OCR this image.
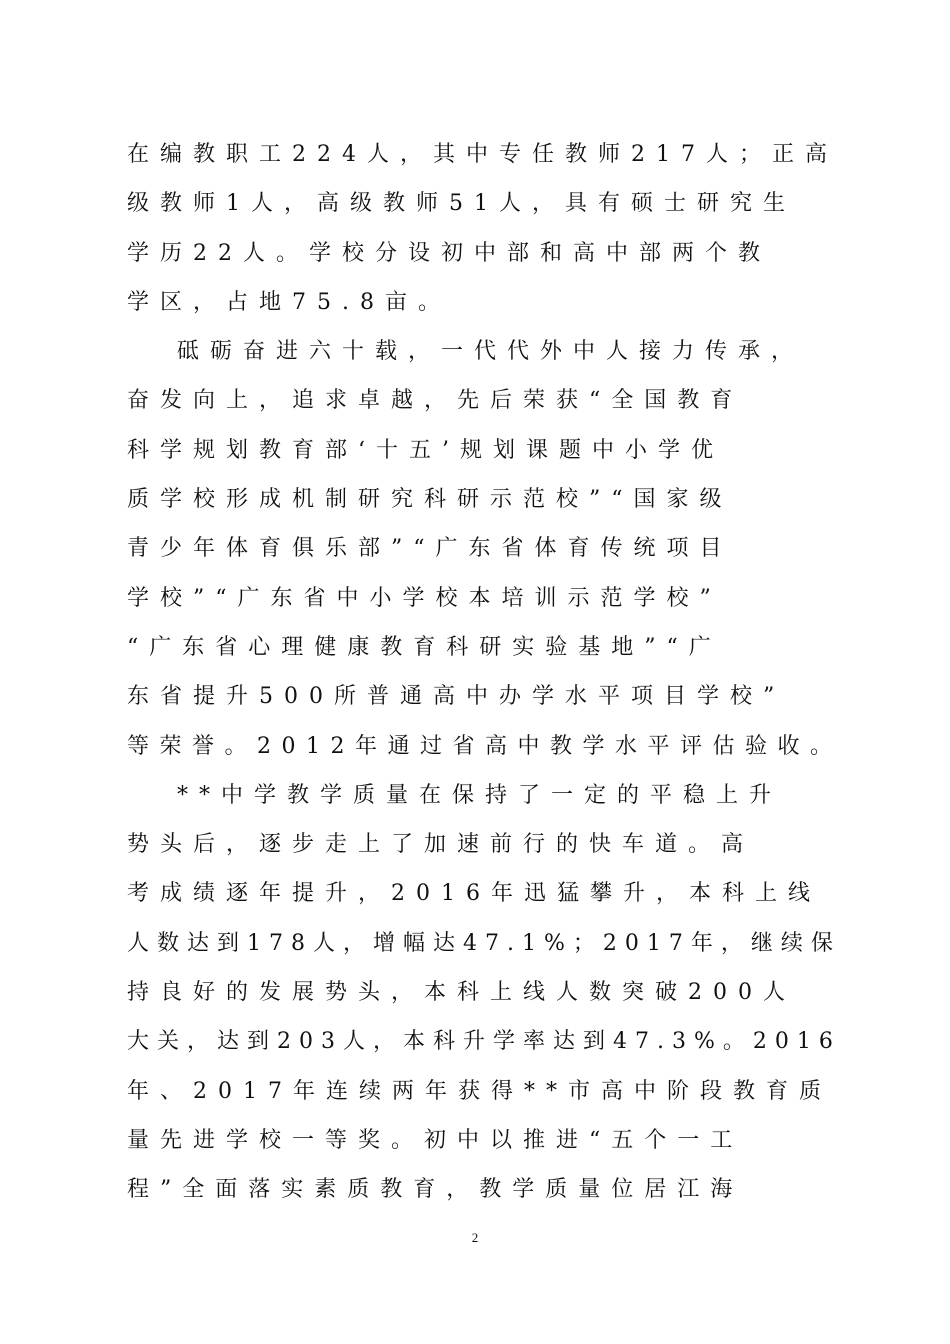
在编教职工224人，其中专任教师217人；正高
级教师1人，高级教师51人，具有硕士研究生
学历22人。学校分设初中部和高中部两个教
学区，占地75.8亩。
砥砺奋进六十载，一代代外中人接力传承，
奋发向上，追求卓越，先后荣获“全国教育
科学规划教育部‘十五’规划课题中小学优
质学校形成机制研究科研示范校”“国家级
青少年体育俱乐部”“广东省体育传统项目
学校”“广东省中小学校本培训示范学校”
“广东省心理健康教育科研实验基地”“广
东省提升500所普通高中办学水平项目学校”
等荣誉。2012年通过省高中教学水平评估验收。
**中学教学质量在保持了一定的平稳上升
势头后，逐步走上了加速前行的快车道。高
考成绩逐年提升，2016年迅猛攀升，本科上线
人数达到178人，增幅达47.1%；2017年，继续保
持良好的发展势头，本科上线人数突破200人
大关，达到203人，本科升学率达到47.3%。2016
年、2017年连续两年获得**市高中阶段教育质
量先进学校一等奖。初中以推进“五个一工
程”全面落实素质教育，教学质量位居江海
2
